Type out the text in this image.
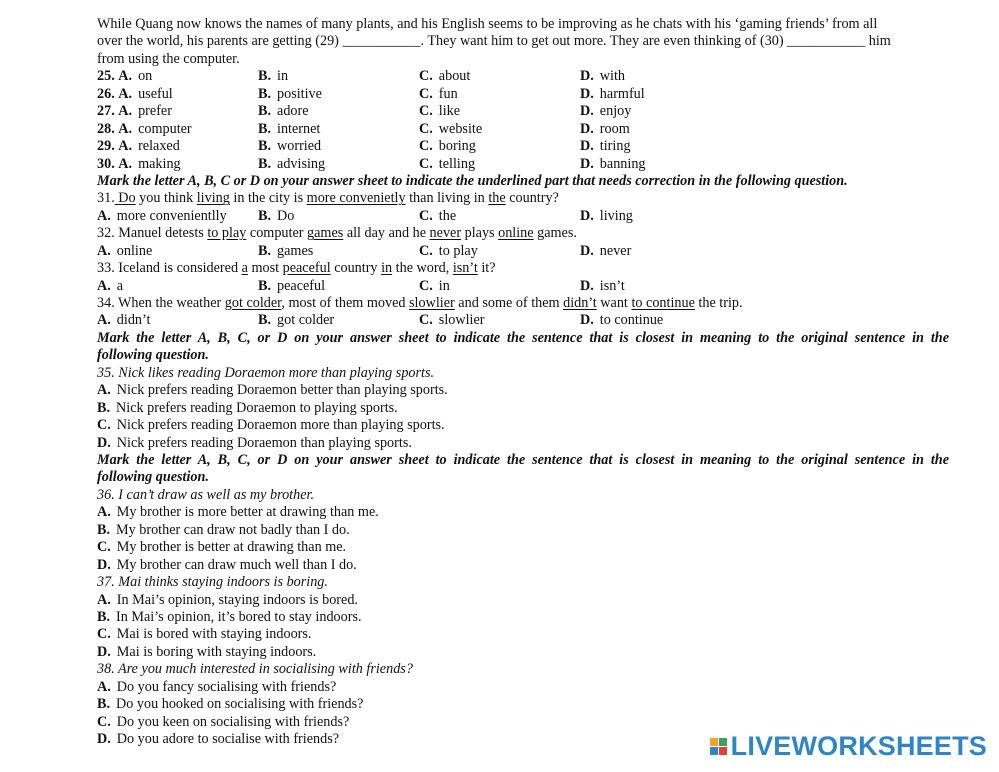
While Quang now knows the names of many plants, and his English seems to be improving as he chats with his ‘gaming friends’ from all
over the world, his parents are getting (29) ___________. They want him to get out more. They are even thinking of (30) ___________ him
from using the computer.
25. A. on	B. in	C. about	D. with
26. A. useful	B. positive	C. fun	D. harmful
27. A. prefer	B. adore	C. like	D. enjoy
28. A. computer	B. internet	C. website	D. room
29. A. relaxed	B. worried	C. boring	D. tiring
30. A. making	B. advising	C. telling	D. banning
Mark the letter A, B, C or D on your answer sheet to indicate the underlined part that needs correction in the following question.
31. Do you think living in the city is more convenietly than living in the country?
A. more convenientlly B. Do	C. the	D. living
32. Manuel detests to play computer games all day and he never plays online games.
A. online	B. games	C. to play	D. never
33. Iceland is considered a most peaceful country in the word, isn’t it?
A. a	B. peaceful	C. in	D. isn’t
34. When the weather got colder, most of them moved slowlier and some of them didn’t want to continue the trip.
A. didn’t	B. got colder	C. slowlier	D. to continue
Mark the letter A, B, C, or D on your answer sheet to indicate the sentence that is closest in meaning to the original sentence in the
following question.
35. Nick likes reading Doraemon more than playing sports.
A. Nick prefers reading Doraemon better than playing sports.
B. Nick prefers reading Doraemon to playing sports.
C. Nick prefers reading Doraemon more than playing sports.
D. Nick prefers reading Doraemon than playing sports.
Mark the letter A, B, C, or D on your answer sheet to indicate the sentence that is closest in meaning to the original sentence in the
following question.
36. I can’t draw as well as my brother.
A. My brother is more better at drawing than me.
B. My brother can draw not badly than I do.
C. My brother is better at drawing than me.
D. My brother can draw much well than I do.
37. Mai thinks staying indoors is boring.
A. In Mai’s opinion, staying indoors is bored.
B. In Mai’s opinion, it’s bored to stay indoors.
C. Mai is bored with staying indoors.
D. Mai is boring with staying indoors.
38. Are you much interested in socialising with friends?
A. Do you fancy socialising with friends?
B. Do you hooked on socialising with friends?
C. Do you keen on socialising with friends?
D. Do you adore to socialise with friends?	LIVEWORKSHEETS
